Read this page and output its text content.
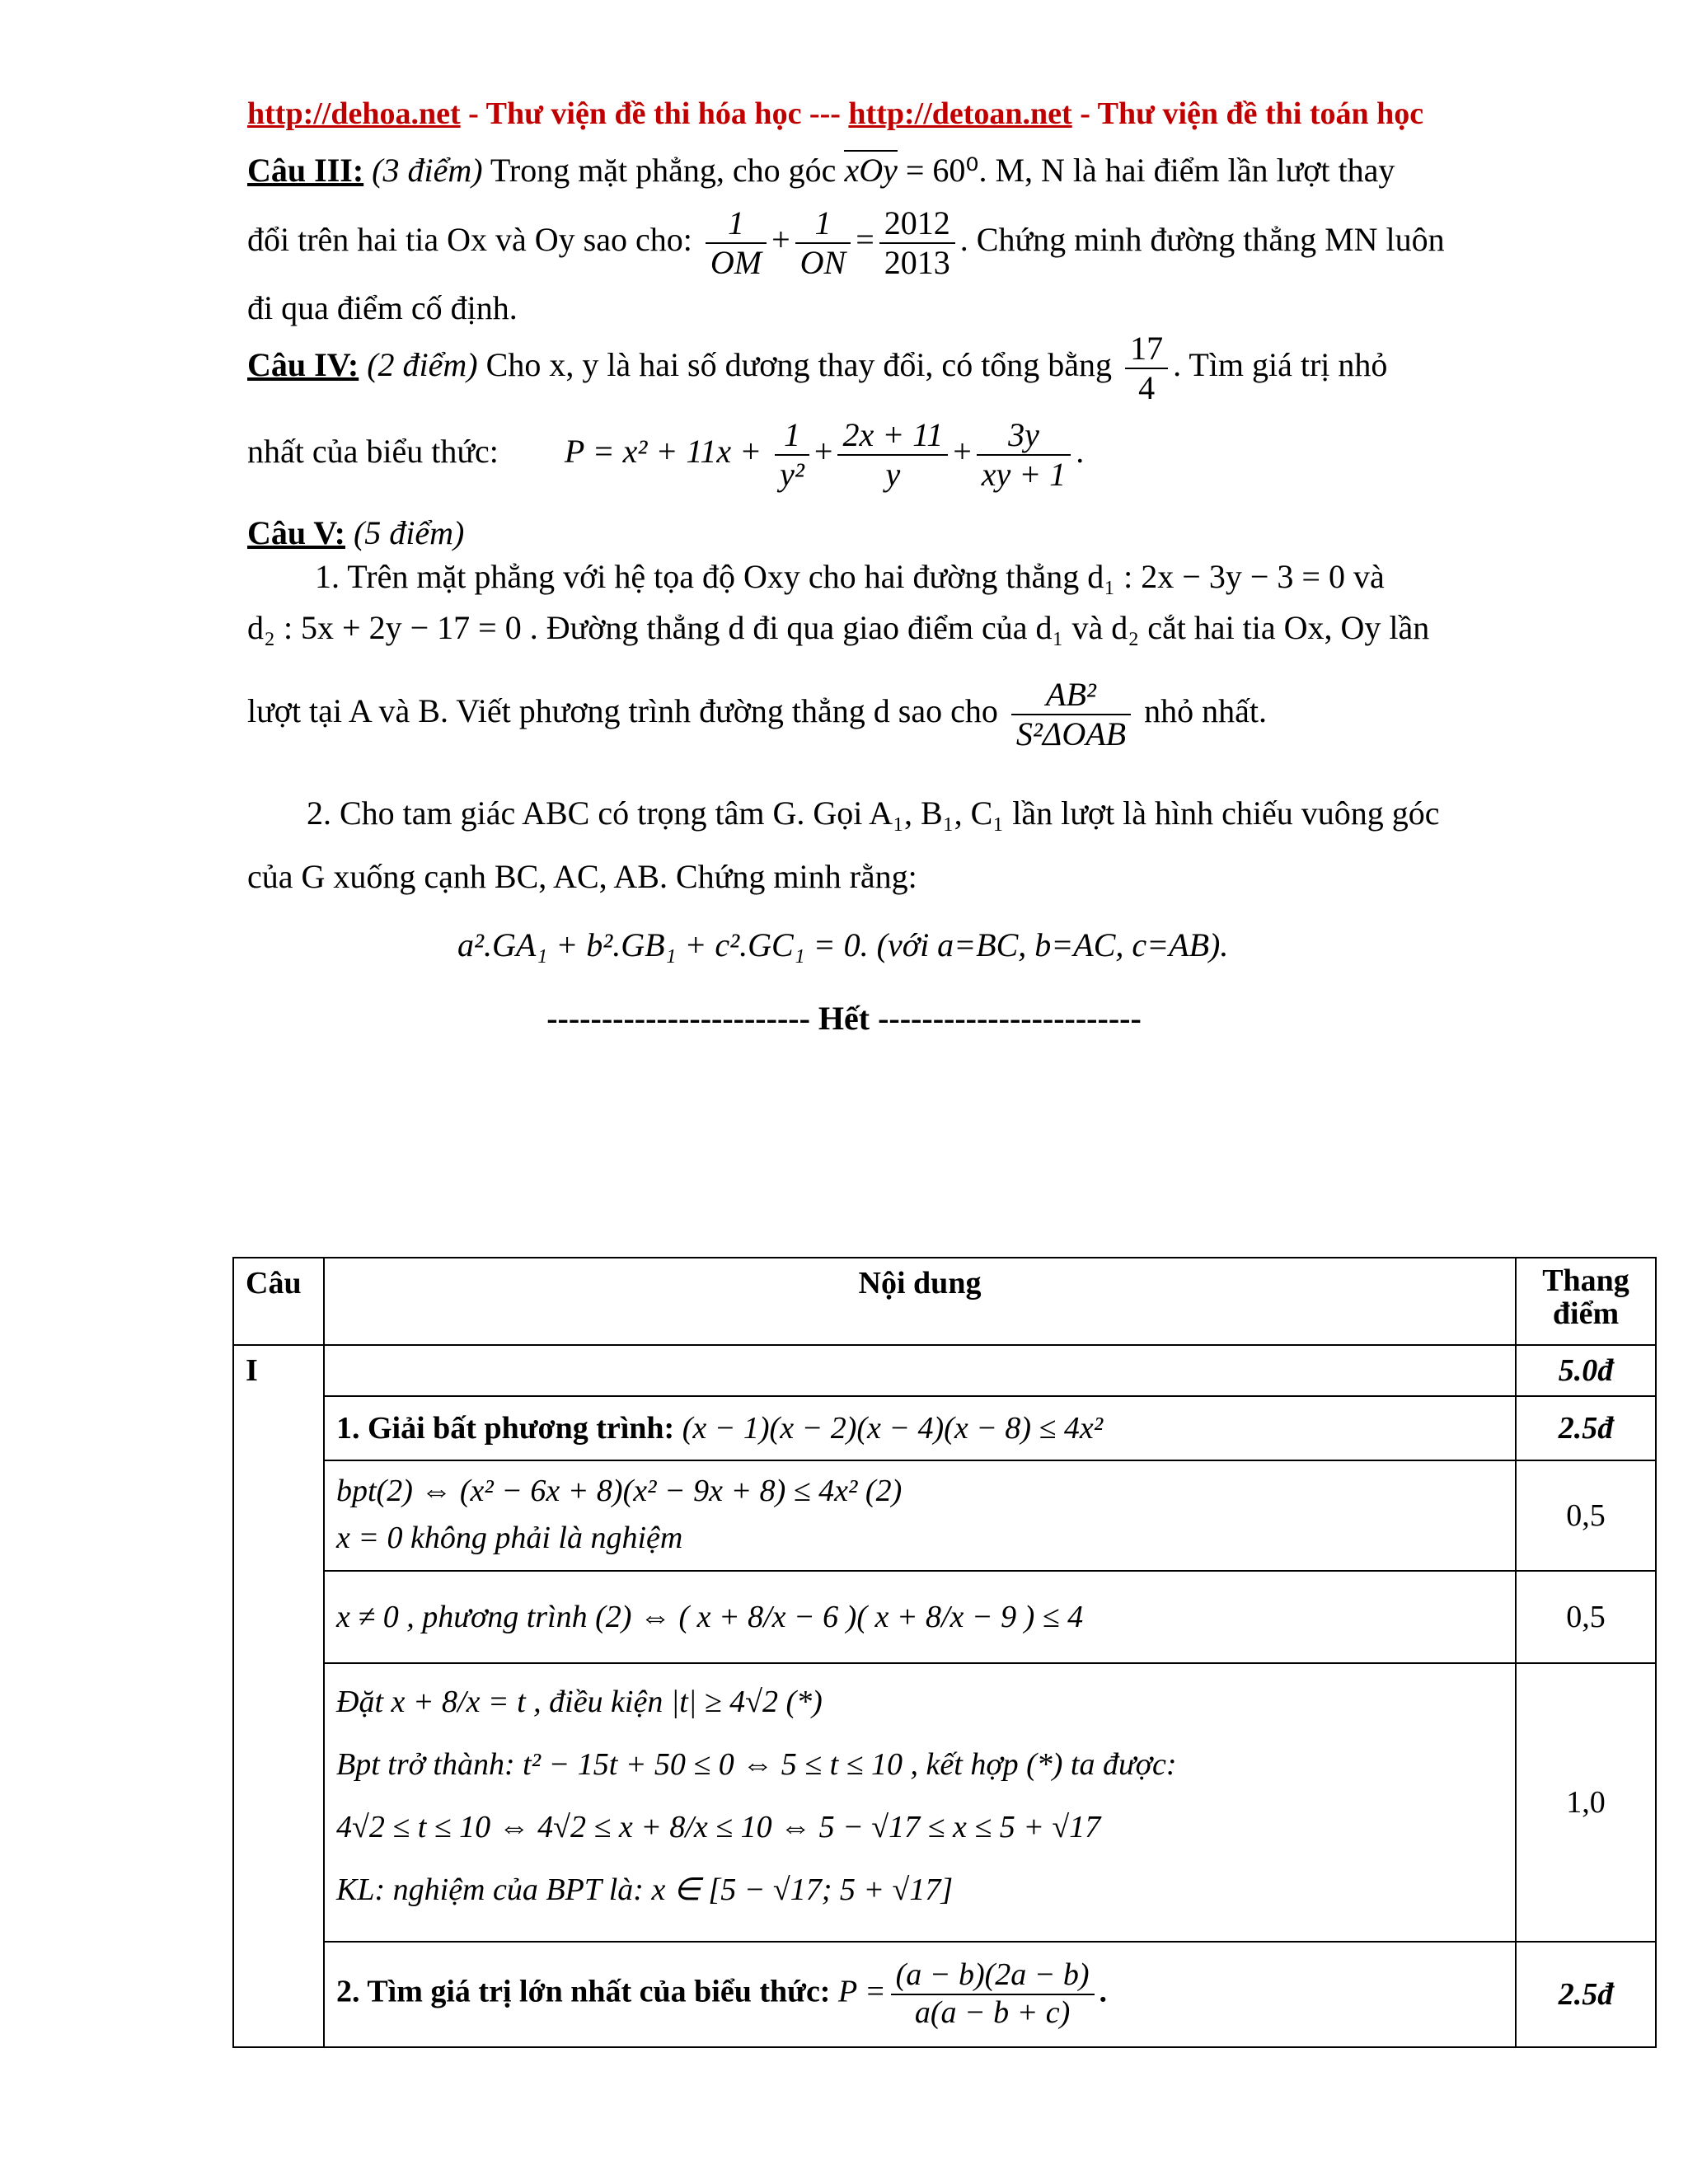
http://dehoa.net - Thư viện đề thi hóa học --- http://detoan.net - Thư viện đề thi toán học
Câu III: (3 điểm) Trong mặt phẳng, cho góc xOy = 60⁰. M, N là hai điểm lần lượt thay
đổi trên hai tia Ox và Oy sao cho: $\frac{1}{OM} + \frac{1}{ON} = \frac{2012}{2013}$ . Chứng minh đường thẳng MN luôn
đi qua điểm cố định.
Câu IV: (2 điểm) Cho x, y là hai số dương thay đổi, có tổng bằng $\frac{17}{4}$ . Tìm giá trị nhỏ
nhất của biểu thức: $P = x^2 + 11x + \frac{1}{\text{y²}} + \frac{2x + 11}{y} + \frac{3y}{xy + 1}$ .
Câu V: (5 điểm)
1. Trên mặt phẳng với hệ tọa độ Oxy cho hai đường thẳng d₁ : 2x − 3y − 3 = 0 và
d₂ : 5x + 2y − 17 = 0 . Đường thẳng d đi qua giao điểm của d₁ và d₂ cắt hai tia Ox, Oy lần
lượt tại A và B. Viết phương trình đường thẳng d sao cho $\frac{\text{AB²}}{\text{S²ΔOAB}}$ nhỏ nhất.
2. Cho tam giác ABC có trọng tâm G. Gọi A₁, B₁, C₁ lần lượt là hình chiếu vuông góc
của G xuống cạnh BC, AC, AB. Chứng minh rằng:
a².GA₁ + b².GB₁ + c².GC₁ = 0. (với a=BC, b=AC, c=AB).
------------------------ Hết ------------------------
Câu	Nội dung	Thang điểm
I		5.0đ
	1. Giải bất phương trình: (x − 1)(x − 2)(x − 4)(x − 8) ≤ 4x²	2.5đ

	bpt(2) ⇔ (x² − 6x + 8)(x² − 9x + 8) ≤ 4x² (2)
x = 0 không phải là nghiệm	0,5
	x ≠ 0 , phương trình (2) ⇔ ( x + 8/x − 6 )( x + 8/x − 9 ) ≤ 4	0,5

	Đặt x + 8/x = t , điều kiện |t| ≥ 4√2 (*)
Bpt trở thành: t² − 15t + 50 ≤ 0 ⇔ 5 ≤ t ≤ 10 , kết hợp (*) ta được:
4√2 ≤ t ≤ 10 ⇔ 4√2 ≤ x + 8/x ≤ 10 ⇔ 5 − √17 ≤ x ≤ 5 + √17
KL: nghiệm của BPT là: x ∈ [5 − √17; 5 + √17]	1,0
	2. Tìm giá trị lớn nhất của biểu thức: $P = \frac{(a - b)(2a - b)}{a(a - b + c)}$ .	2.5đ
